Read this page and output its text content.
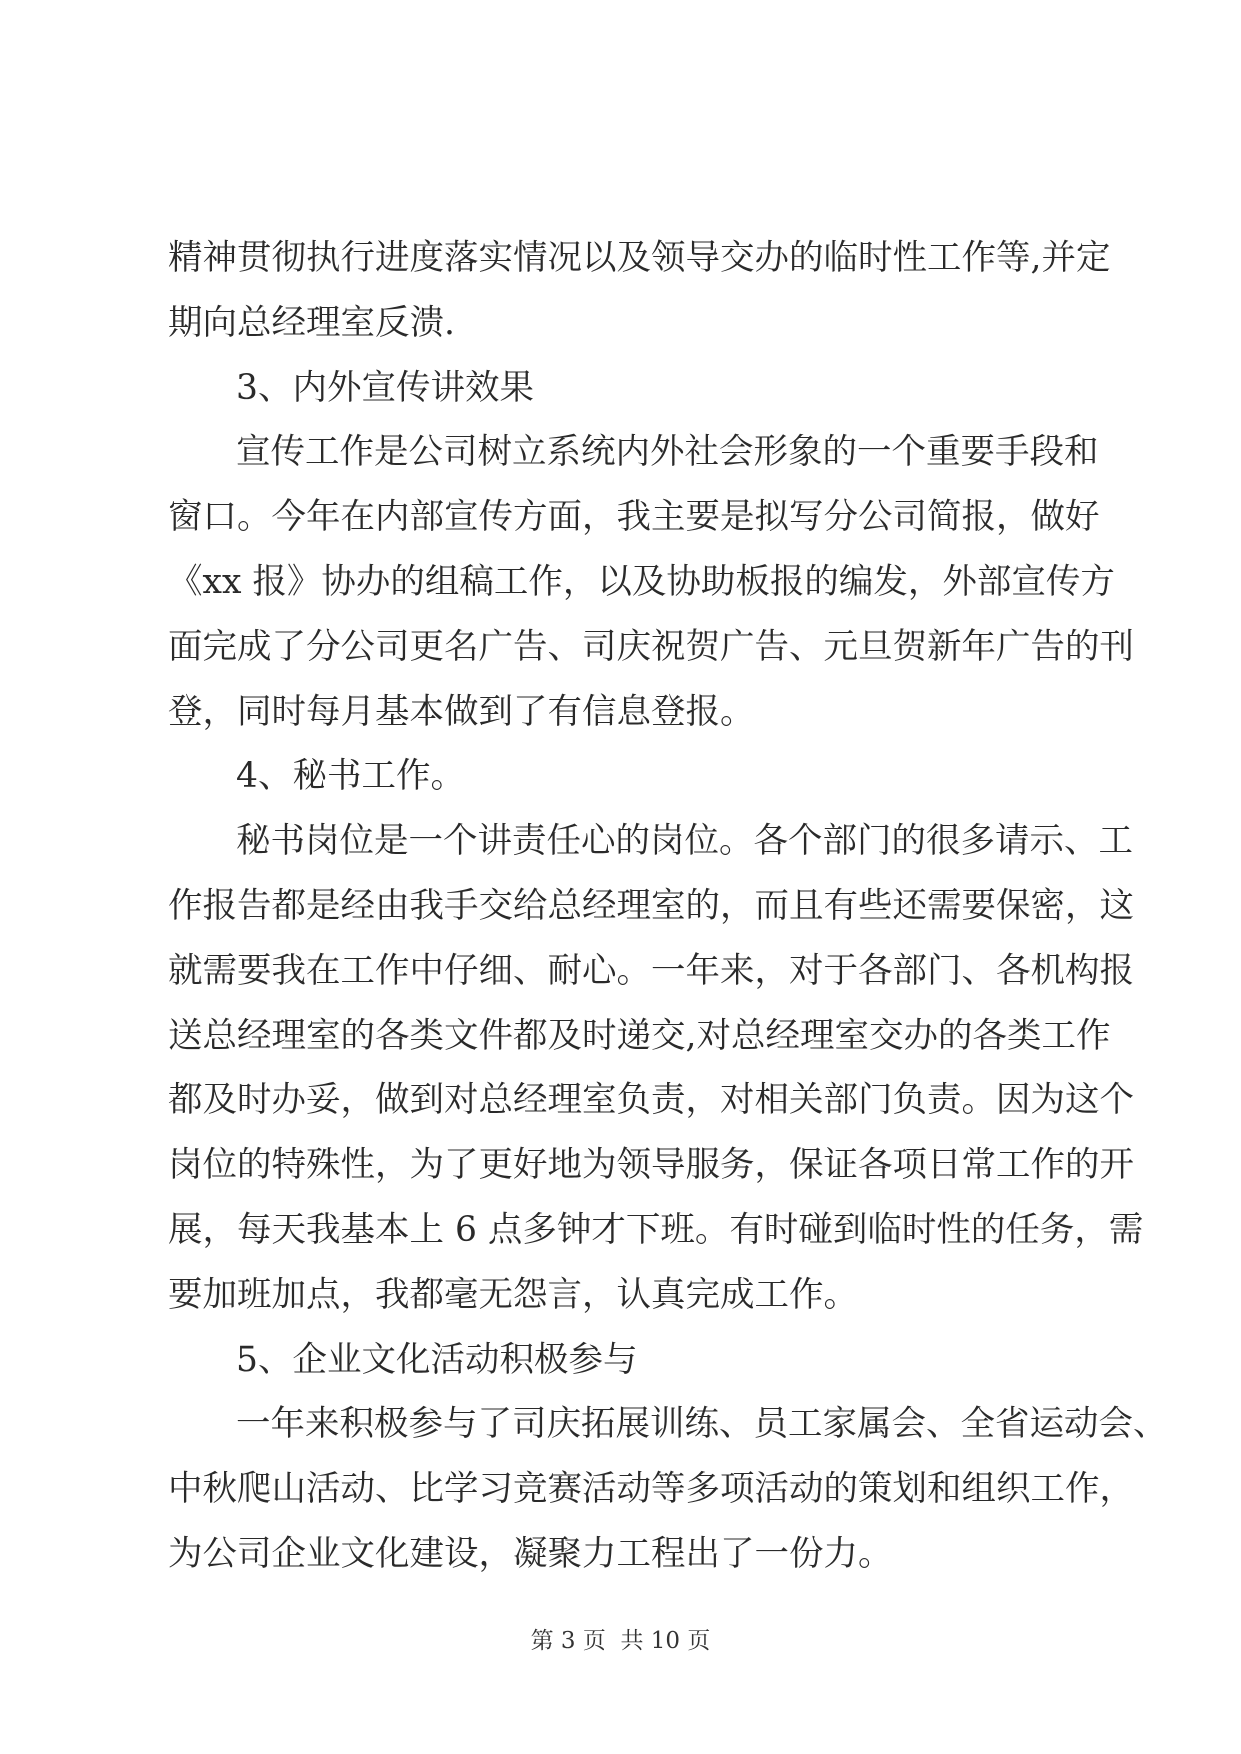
精神贯彻执行进度落实情况以及领导交办的临时性工作等,并定
期向总经理室反溃.
3、内外宣传讲效果
宣传工作是公司树立系统内外社会形象的一个重要手段和
窗口。今年在内部宣传方面，我主要是拟写分公司简报，做好
《xx 报》协办的组稿工作，以及协助板报的编发，外部宣传方
面完成了分公司更名广告、司庆祝贺广告、元旦贺新年广告的刊
登，同时每月基本做到了有信息登报。
4、秘书工作。
秘书岗位是一个讲责任心的岗位。各个部门的很多请示、工
作报告都是经由我手交给总经理室的，而且有些还需要保密，这
就需要我在工作中仔细、耐心。一年来，对于各部门、各机构报
送总经理室的各类文件都及时递交,对总经理室交办的各类工作
都及时办妥，做到对总经理室负责，对相关部门负责。因为这个
岗位的特殊性，为了更好地为领导服务，保证各项日常工作的开
展，每天我基本上 6 点多钟才下班。有时碰到临时性的任务，需
要加班加点，我都毫无怨言，认真完成工作。
5、企业文化活动积极参与
一年来积极参与了司庆拓展训练、员工家属会、全省运动会、
中秋爬山活动、比学习竞赛活动等多项活动的策划和组织工作，
为公司企业文化建设，凝聚力工程出了一份力。
第 3 页  共 10 页
